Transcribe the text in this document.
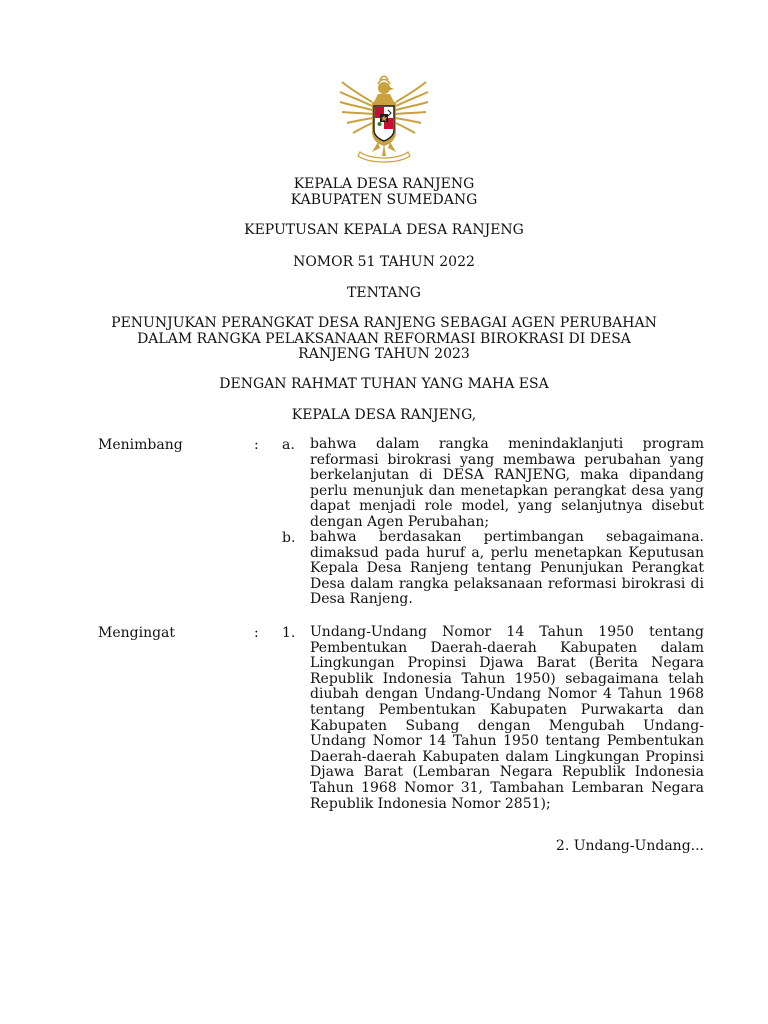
KEPALA DESA RANJENG
KABUPATEN SUMEDANG
KEPUTUSAN KEPALA DESA RANJENG
NOMOR 51 TAHUN 2022
TENTANG
PENUNJUKAN PERANGKAT DESA RANJENG SEBAGAI AGEN PERUBAHAN
DALAM RANGKA PELAKSANAAN REFORMASI BIROKRASI DI DESA
RANJENG TAHUN 2023
DENGAN RAHMAT TUHAN YANG MAHA ESA
KEPALA DESA RANJENG,
Menimbang	: a. bahwa dalam rangka menindaklanjuti program reformasi birokrasi yang membawa perubahan yang berkelanjutan di DESA RANJENG, maka dipandang perlu menunjuk dan menetapkan perangkat desa yang dapat menjadi role model, yang selanjutnya disebut dengan Agen Perubahan;
b. bahwa berdasakan pertimbangan sebagaimana. dimaksud pada huruf a, perlu menetapkan Keputusan Kepala Desa Ranjeng tentang Penunjukan Perangkat Desa dalam rangka pelaksanaan reformasi birokrasi di Desa Ranjeng.
Mengingat	: 1. Undang-Undang Nomor 14 Tahun 1950 tentang Pembentukan Daerah-daerah Kabupaten dalam Lingkungan Propinsi Djawa Barat (Berita Negara Republik Indonesia Tahun 1950) sebagaimana telah diubah dengan Undang-Undang Nomor 4 Tahun 1968 tentang Pembentukan Kabupaten Purwakarta dan Kabupaten Subang dengan Mengubah Undang-Undang Nomor 14 Tahun 1950 tentang Pembentukan Daerah-daerah Kabupaten dalam Lingkungan Propinsi Djawa Barat (Lembaran Negara Republik Indonesia Tahun 1968 Nomor 31, Tambahan Lembaran Negara Republik Indonesia Nomor 2851);
2. Undang-Undang...
